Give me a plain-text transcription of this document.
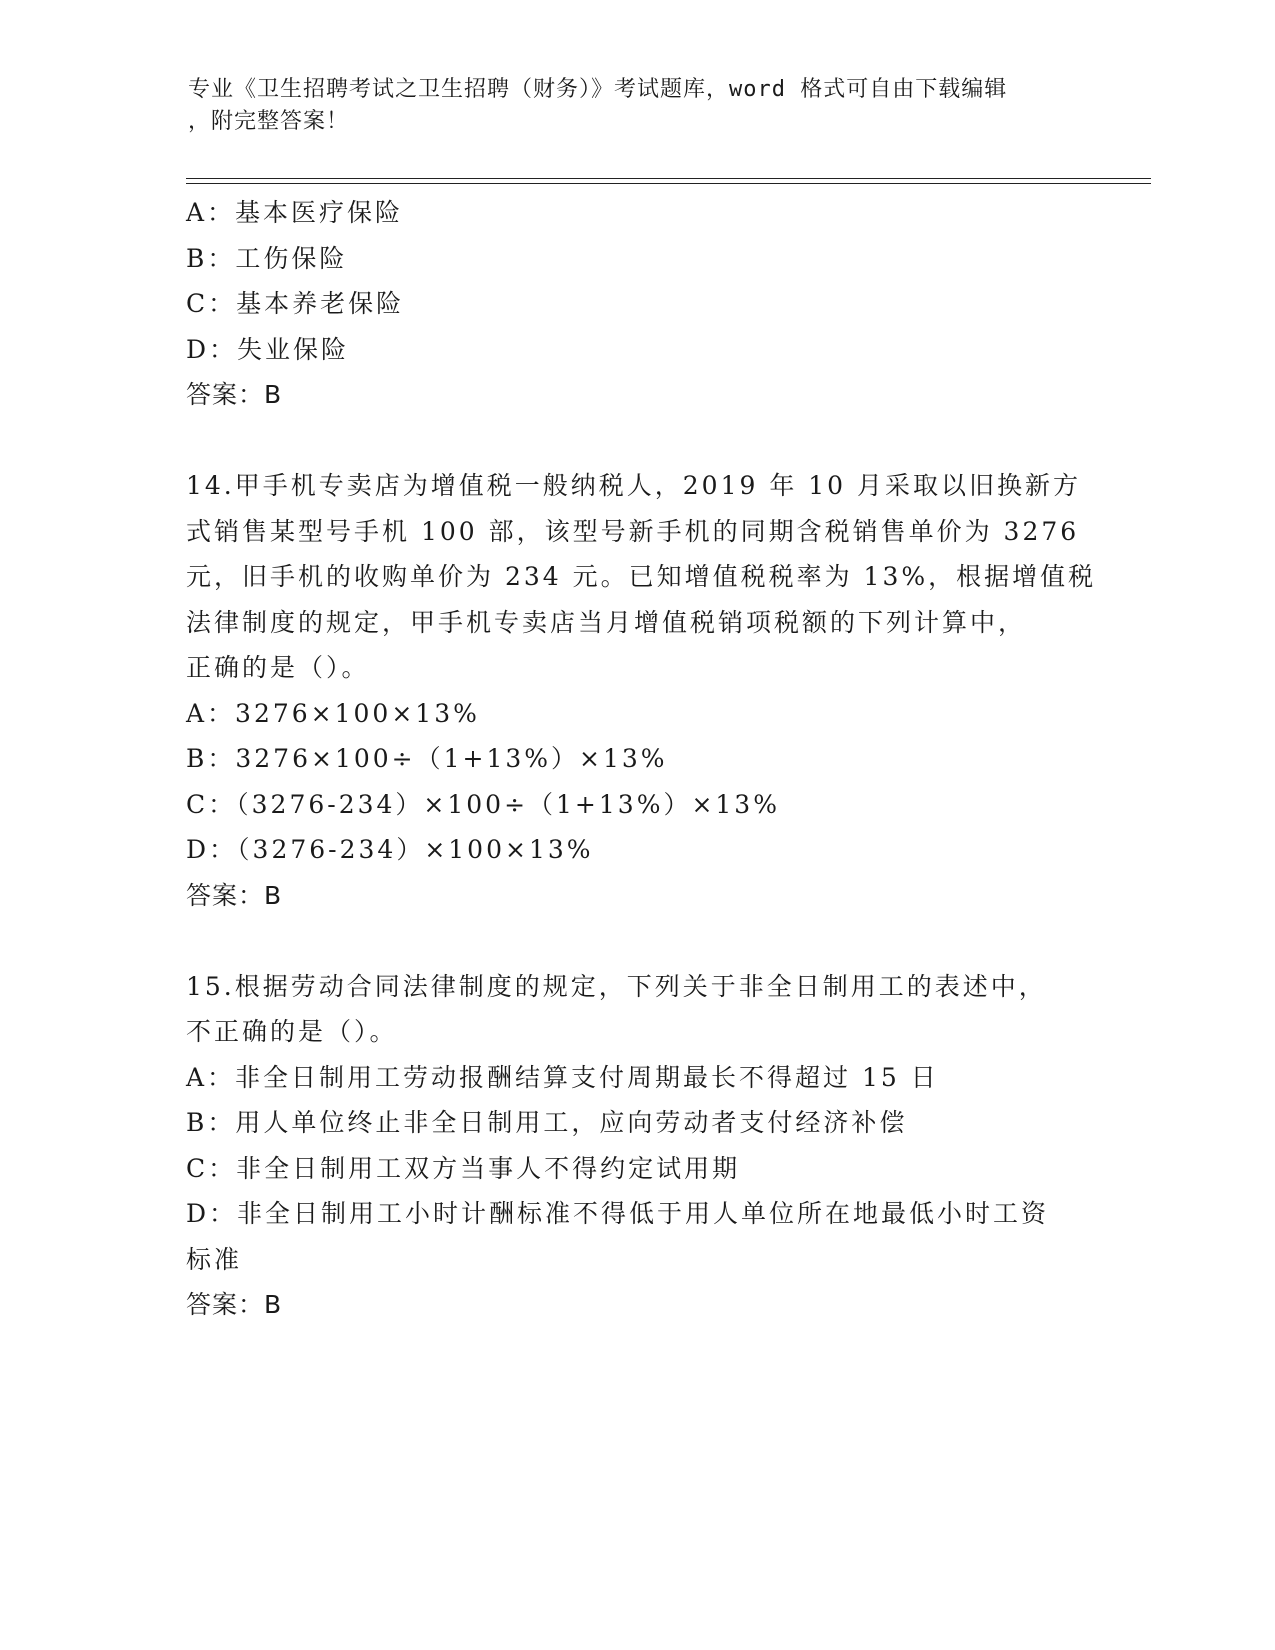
专业《卫生招聘考试之卫生招聘（财务）》考试题库，word 格式可自由下载编辑
，附完整答案！
A：基本医疗保险
B：工伤保险
C：基本养老保险
D：失业保险
答案：B
14.甲手机专卖店为增值税一般纳税人，2019 年 10 月采取以旧换新方
式销售某型号手机 100 部，该型号新手机的同期含税销售单价为 3276
元，旧手机的收购单价为 234 元。已知增值税税率为 13%，根据增值税
法律制度的规定，甲手机专卖店当月增值税销项税额的下列计算中，
正确的是（）。
A：3276×100×13%
B：3276×100÷（1+13%）×13%
C：（3276-234）×100÷（1+13%）×13%
D：（3276-234）×100×13%
答案：B
15.根据劳动合同法律制度的规定，下列关于非全日制用工的表述中，
不正确的是（）。
A：非全日制用工劳动报酬结算支付周期最长不得超过 15 日
B：用人单位终止非全日制用工，应向劳动者支付经济补偿
C：非全日制用工双方当事人不得约定试用期
D：非全日制用工小时计酬标准不得低于用人单位所在地最低小时工资
标准
答案：B
